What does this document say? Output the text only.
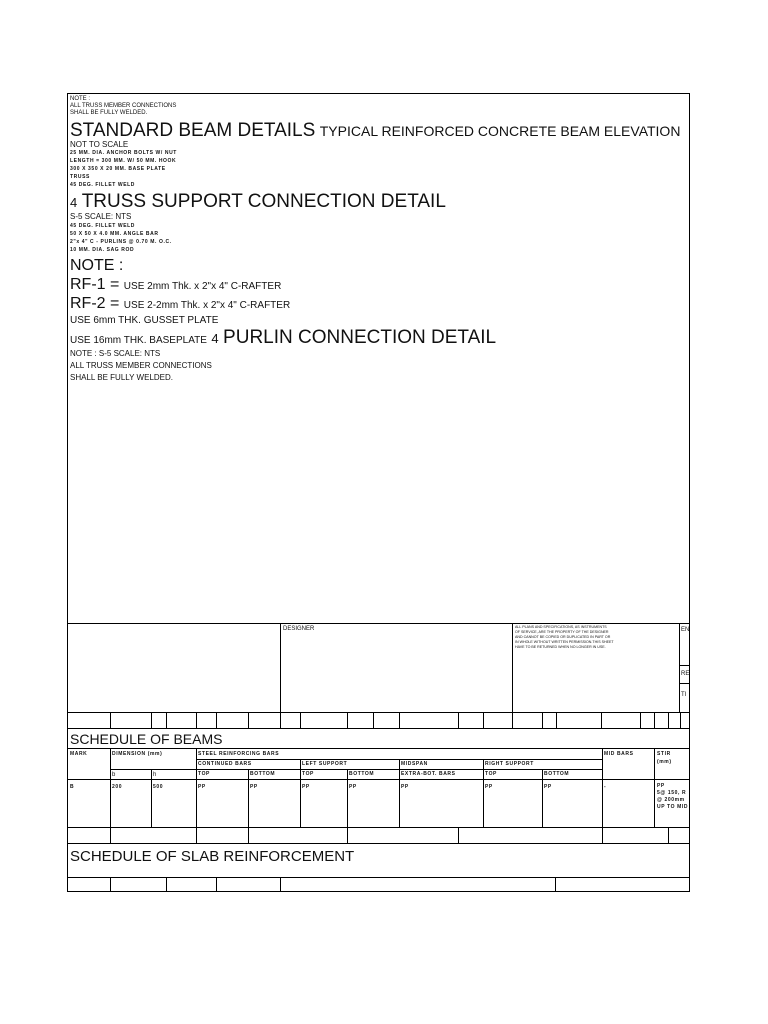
NOTE :
ALL TRUSS MEMBER CONNECTIONS
SHALL BE FULLY WELDED.
STANDARD BEAM DETAILS TYPICAL REINFORCED CONCRETE BEAM ELEVATION
NOT TO SCALE
25 MM. DIA. ANCHOR BOLTS W/ NUT
LENGTH = 300 MM. W/ 50 MM. HOOK
300 X 350 X 20 MM. BASE PLATE
TRUSS
45 DEG. FILLET WELD
4 TRUSS SUPPORT CONNECTION DETAIL
S-5 SCALE: NTS
45 DEG. FILLET WELD
50 X 50 X 4.0 MM. ANGLE BAR
2"x 4" C - PURLINS @ 0.70 M. O.C.
10 MM. DIA. SAG ROD
NOTE :
RF-1 = USE 2mm Thk. x 2"x 4" C-RAFTER
RF-2 = USE 2-2mm Thk. x 2"x 4" C-RAFTER
USE 6mm THK. GUSSET PLATE
USE 16mm THK. BASEPLATE 4 PURLIN CONNECTION DETAIL
NOTE : S-5 SCALE: NTS
ALL TRUSS MEMBER CONNECTIONS
SHALL BE FULLY WELDED.
DESIGNER	ALL PLANS AND SPECIFICATIONS, AS INSTRUMENTS
OF SERVICE, ARE THE PROPERTY OF THE DESIGNER
AND CANNOT BE COPIED OR DUPLICATED IN PART OR
IN WHOLE WITHOUT WRITTEN PERMISSION.THIS SHEET
HAVE TO BE RETURNED WHEN NO LONGER IN USE.
EN
RE
TI
SCHEDULE OF BEAMS
MARK	DIMENSION (mm)	STEEL REINFORCING BARS	MID BARS	STIR
(mm)
CONTINUED BARS	LEFT SUPPORT	MIDSPAN	RIGHT SUPPORT
b	h	TOP	BOTTOM	TOP	BOTTOM	EXTRA-BOT. BARS	TOP	BOTTOM
B	200	500	PP	PP	PP	PP	PP	PP	PP	-	PP
5@ 150, R
@ 200mm
UP TO MID
SCHEDULE OF SLAB REINFORCEMENT
